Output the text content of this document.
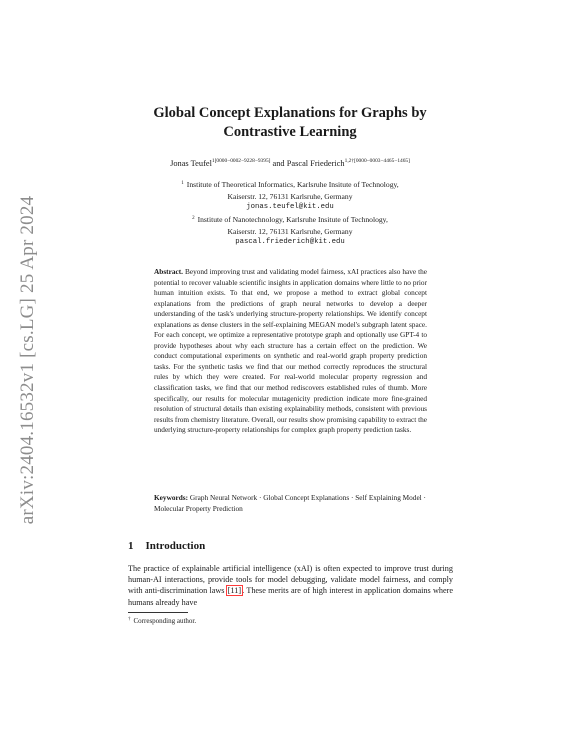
arXiv:2404.16532v1 [cs.LG] 25 Apr 2024
Global Concept Explanations for Graphs by
Contrastive Learning
Jonas Teufel$^{1[0000-0002-9228-9395]}$ and Pascal Friederich$^{1,2\dagger[0000-0003-4465-1465]}$
$^1$ Institute of Theoretical Informatics, Karlsruhe Insitute of Technology,
Kaiserstr. 12, 76131 Karlsruhe, Germany
jonas.teufel@kit.edu
$^2$ Institute of Nanotechnology, Karlsruhe Insitute of Technology,
Kaiserstr. 12, 76131 Karlsruhe, Germany
pascal.friederich@kit.edu
Abstract. Beyond improving trust and validating model fairness, xAI practices also have the potential to recover valuable scientific insights in application domains where little to no prior human intuition exists. To that end, we propose a method to extract global concept explanations from the predictions of graph neural networks to develop a deeper understanding of the task's underlying structure-property relationships. We identify concept explanations as dense clusters in the self-explaining MEGAN model's subgraph latent space. For each concept, we optimize a representative prototype graph and optionally use GPT-4 to provide hypotheses about why each structure has a certain effect on the prediction. We conduct computational experiments on synthetic and real-world graph property prediction tasks. For the synthetic tasks we find that our method correctly reproduces the structural rules by which they were created. For real-world molecular property regression and classification tasks, we find that our method rediscovers established rules of thumb. More specifically, our results for molecular mutagenicity prediction indicate more fine-grained resolution of structural details than existing explainability methods, consistent with previous results from chemistry literature. Overall, our results show promising capability to extract the underlying structure-property relationships for complex graph property prediction tasks.
Keywords: Graph Neural Network · Global Concept Explanations · Self Explaining Model · Molecular Property Prediction
1 Introduction
The practice of explainable artificial intelligence (xAI) is often expected to improve trust during human-AI interactions, provide tools for model debugging, validate model fairness, and comply with anti-discrimination laws [11]. These merits are of high interest in application domains where humans already have
† Corresponding author.
